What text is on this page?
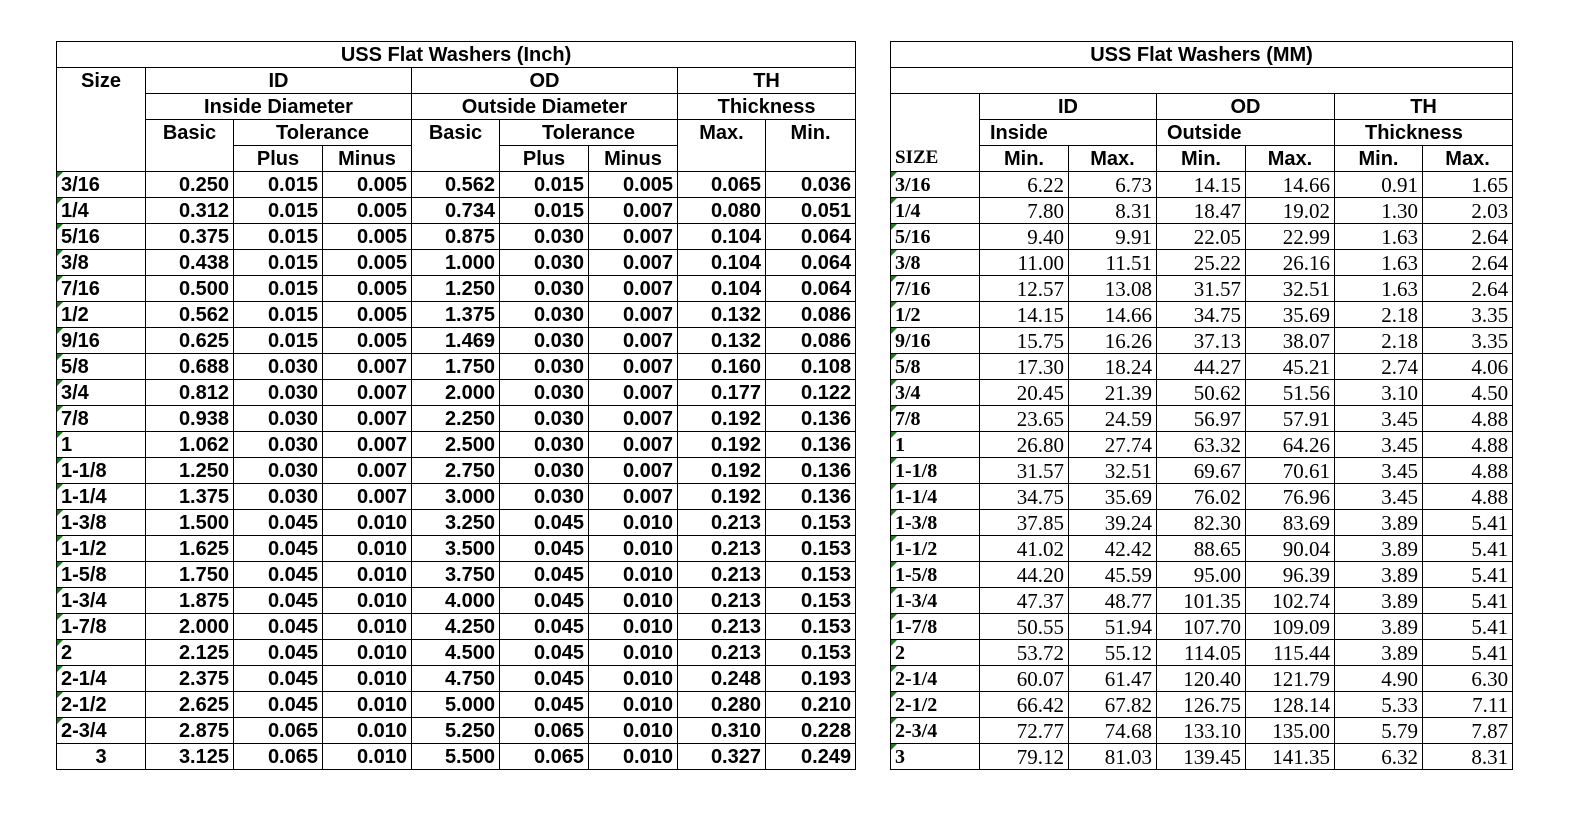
USS Flat Washers (Inch)								
Size	ID			OD			TH	
	Inside Diameter			Outside Diameter			Thickness	
	Basic	Tolerance		Basic	Tolerance		Max.	Min.
		Plus	Minus		Plus	Minus		
3/16	0.250	0.015	0.005	0.562	0.015	0.005	0.065	0.036
1/4	0.312	0.015	0.005	0.734	0.015	0.007	0.080	0.051
5/16	0.375	0.015	0.005	0.875	0.030	0.007	0.104	0.064
3/8	0.438	0.015	0.005	1.000	0.030	0.007	0.104	0.064
7/16	0.500	0.015	0.005	1.250	0.030	0.007	0.104	0.064
1/2	0.562	0.015	0.005	1.375	0.030	0.007	0.132	0.086
9/16	0.625	0.015	0.005	1.469	0.030	0.007	0.132	0.086
5/8	0.688	0.030	0.007	1.750	0.030	0.007	0.160	0.108
3/4	0.812	0.030	0.007	2.000	0.030	0.007	0.177	0.122
7/8	0.938	0.030	0.007	2.250	0.030	0.007	0.192	0.136
1	1.062	0.030	0.007	2.500	0.030	0.007	0.192	0.136
1-1/8	1.250	0.030	0.007	2.750	0.030	0.007	0.192	0.136
1-1/4	1.375	0.030	0.007	3.000	0.030	0.007	0.192	0.136
1-3/8	1.500	0.045	0.010	3.250	0.045	0.010	0.213	0.153
1-1/2	1.625	0.045	0.010	3.500	0.045	0.010	0.213	0.153
1-5/8	1.750	0.045	0.010	3.750	0.045	0.010	0.213	0.153
1-3/4	1.875	0.045	0.010	4.000	0.045	0.010	0.213	0.153
1-7/8	2.000	0.045	0.010	4.250	0.045	0.010	0.213	0.153
2	2.125	0.045	0.010	4.500	0.045	0.010	0.213	0.153
2-1/4	2.375	0.045	0.010	4.750	0.045	0.010	0.248	0.193
2-1/2	2.625	0.045	0.010	5.000	0.045	0.010	0.280	0.210
2-3/4	2.875	0.065	0.010	5.250	0.065	0.010	0.310	0.228
3	3.125	0.065	0.010	5.500	0.065	0.010	0.327	0.249
USS Flat Washers (MM)						

	ID		OD		TH	
	Inside		Outside		Thickness	
SIZE	Min.	Max.	Min.	Max.	Min.	Max.
3/16	6.22	6.73	14.15	14.66	0.91	1.65
1/4	7.80	8.31	18.47	19.02	1.30	2.03
5/16	9.40	9.91	22.05	22.99	1.63	2.64
3/8	11.00	11.51	25.22	26.16	1.63	2.64
7/16	12.57	13.08	31.57	32.51	1.63	2.64
1/2	14.15	14.66	34.75	35.69	2.18	3.35
9/16	15.75	16.26	37.13	38.07	2.18	3.35
5/8	17.30	18.24	44.27	45.21	2.74	4.06
3/4	20.45	21.39	50.62	51.56	3.10	4.50
7/8	23.65	24.59	56.97	57.91	3.45	4.88
1	26.80	27.74	63.32	64.26	3.45	4.88
1-1/8	31.57	32.51	69.67	70.61	3.45	4.88
1-1/4	34.75	35.69	76.02	76.96	3.45	4.88
1-3/8	37.85	39.24	82.30	83.69	3.89	5.41
1-1/2	41.02	42.42	88.65	90.04	3.89	5.41
1-5/8	44.20	45.59	95.00	96.39	3.89	5.41
1-3/4	47.37	48.77	101.35	102.74	3.89	5.41
1-7/8	50.55	51.94	107.70	109.09	3.89	5.41
2	53.72	55.12	114.05	115.44	3.89	5.41
2-1/4	60.07	61.47	120.40	121.79	4.90	6.30
2-1/2	66.42	67.82	126.75	128.14	5.33	7.11
2-3/4	72.77	74.68	133.10	135.00	5.79	7.87
3	79.12	81.03	139.45	141.35	6.32	8.31
